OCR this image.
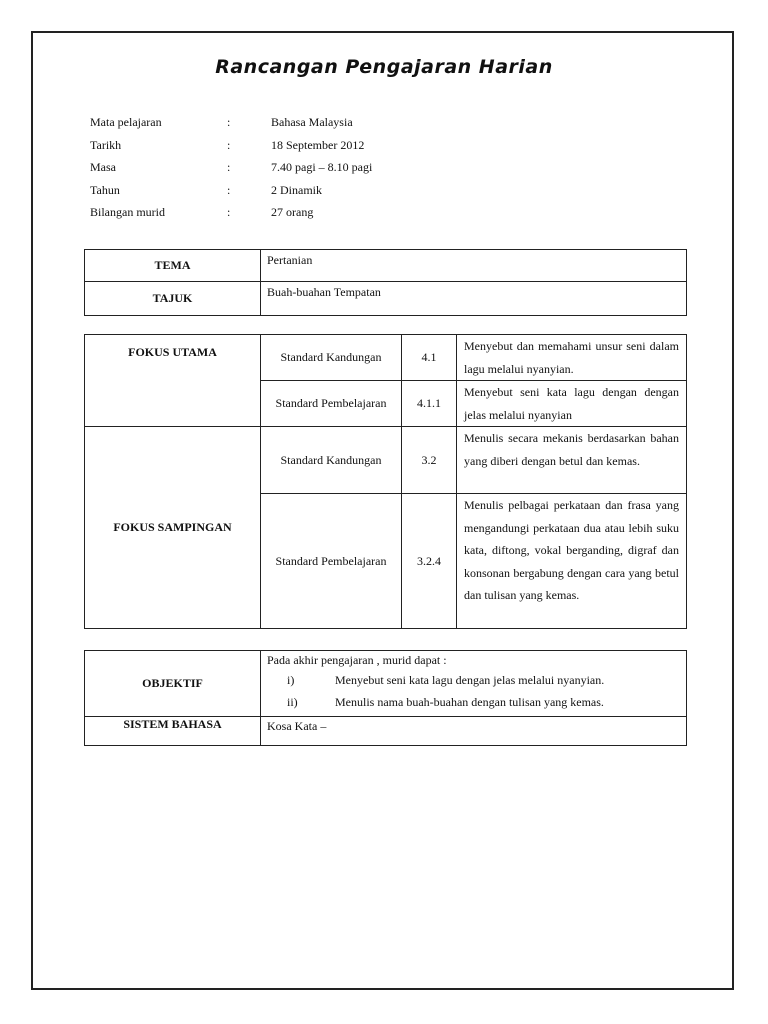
Rancangan Pengajaran Harian
Mata pelajaran	:	Bahasa Malaysia
Tarikh	:	18 September 2012
Masa	:	7.40 pagi – 8.10 pagi
Tahun	:	2 Dinamik
Bilangan murid	:	27 orang
TEMA	Pertanian
TAJUK	Buah-buahan Tempatan
FOKUS UTAMA	Standard Kandungan	4.1	Menyebut dan memahami unsur seni dalam lagu melalui nyanyian.
	Standard Pembelajaran	4.1.1	Menyebut seni kata lagu dengan dengan jelas melalui nyanyian
FOKUS SAMPINGAN	Standard Kandungan	3.2	Menulis secara mekanis berdasarkan bahan yang diberi dengan betul dan kemas.
	Standard Pembelajaran	3.2.4	Menulis pelbagai perkataan dan frasa yang mengandungi perkataan dua atau lebih suku kata, diftong, vokal berganding, digraf dan konsonan bergabung dengan cara yang betul dan tulisan yang kemas.
OBJEKTIF	Pada akhir pengajaran , murid dapat :
i) Menyebut seni kata lagu dengan jelas melalui nyanyian.
ii) Menulis nama buah-buahan dengan tulisan yang kemas.

SISTEM BAHASA	Kosa Kata –
